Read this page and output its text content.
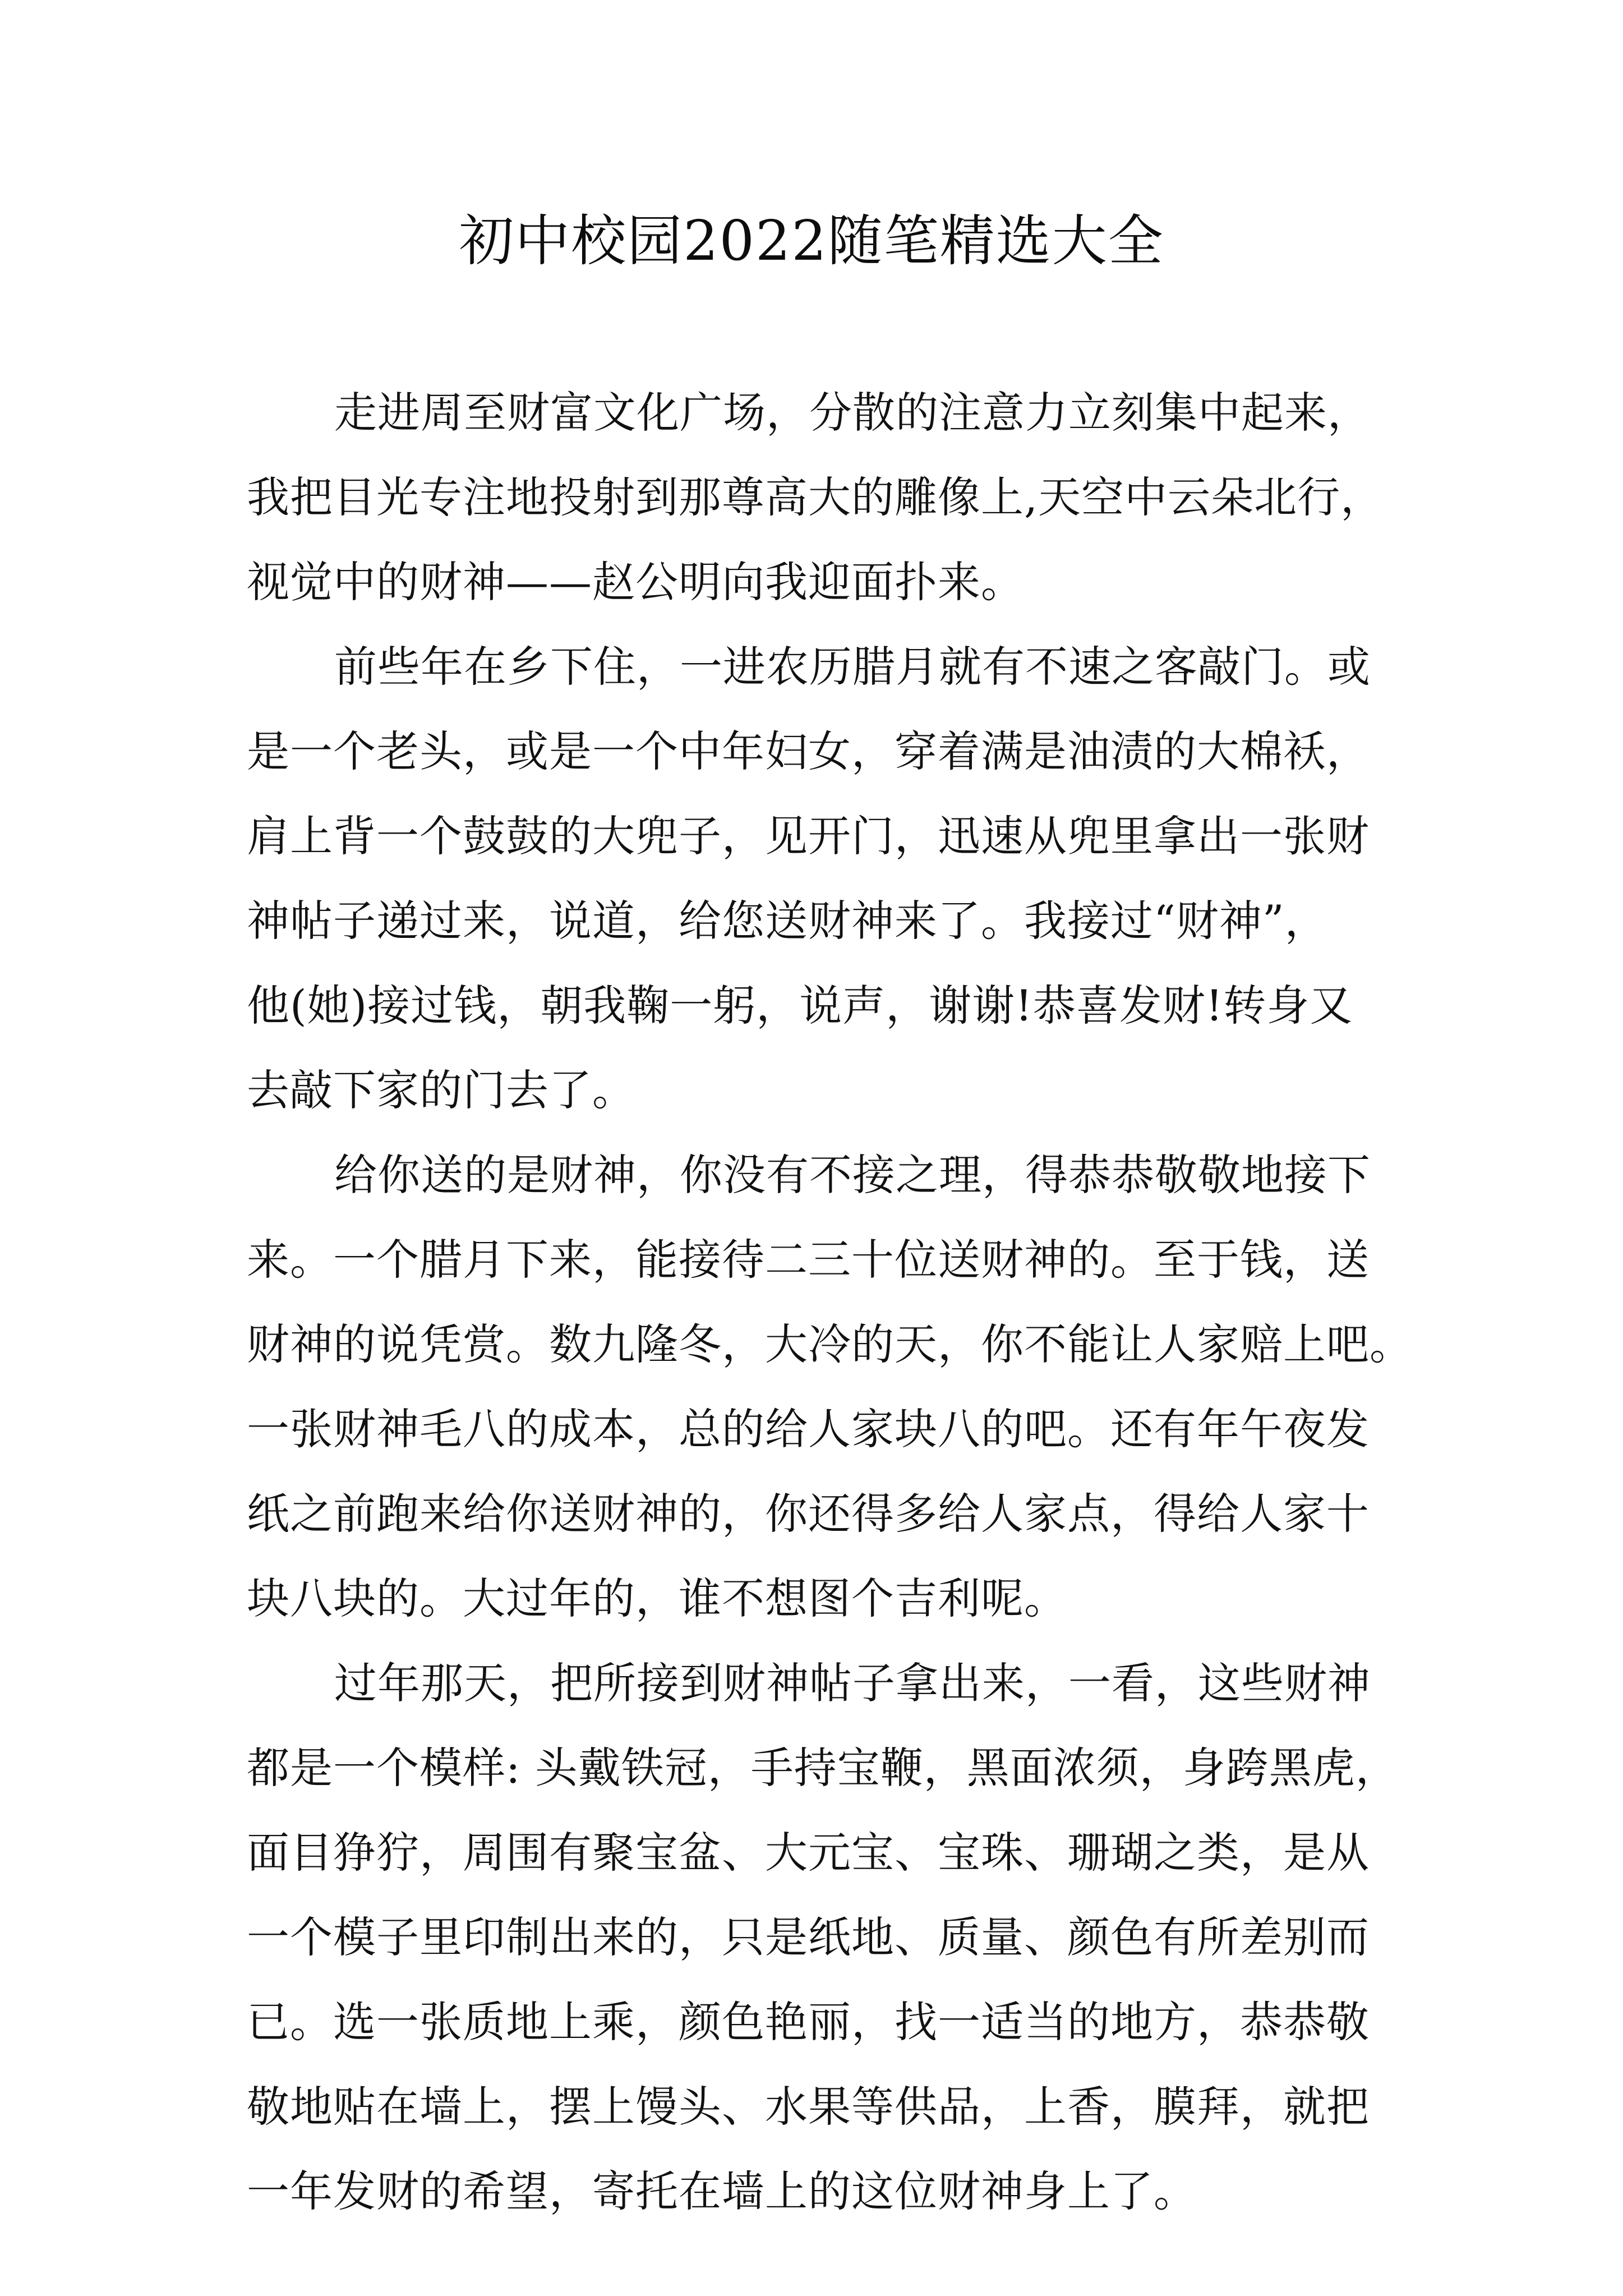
初中校园2022随笔精选大全
走进周至财富文化广场，分散的注意力立刻集中起来，
我把目光专注地投射到那尊高大的雕像上,天空中云朵北行，
视觉中的财神——赵公明向我迎面扑来。
前些年在乡下住，一进农历腊月就有不速之客敲门。或
是一个老头，或是一个中年妇女，穿着满是油渍的大棉袄，
肩上背一个鼓鼓的大兜子，见开门，迅速从兜里拿出一张财
神帖子递过来，说道，给您送财神来了。我接过“财神”，
他(她)接过钱，朝我鞠一躬，说声，谢谢!恭喜发财!转身又
去敲下家的门去了。
给你送的是财神，你没有不接之理，得恭恭敬敬地接下
来。一个腊月下来，能接待二三十位送财神的。至于钱，送
财神的说凭赏。数九隆冬，大冷的天，你不能让人家赔上吧。
一张财神毛八的成本，总的给人家块八的吧。还有年午夜发
纸之前跑来给你送财神的，你还得多给人家点，得给人家十
块八块的。大过年的，谁不想图个吉利呢。
过年那天，把所接到财神帖子拿出来，一看，这些财神
都是一个模样: 头戴铁冠，手持宝鞭，黑面浓须，身跨黑虎，
面目狰狞，周围有聚宝盆、大元宝、宝珠、珊瑚之类，是从
一个模子里印制出来的，只是纸地、质量、颜色有所差别而
已。选一张质地上乘，颜色艳丽，找一适当的地方，恭恭敬
敬地贴在墙上，摆上馒头、水果等供品，上香，膜拜，就把
一年发财的希望，寄托在墙上的这位财神身上了。
